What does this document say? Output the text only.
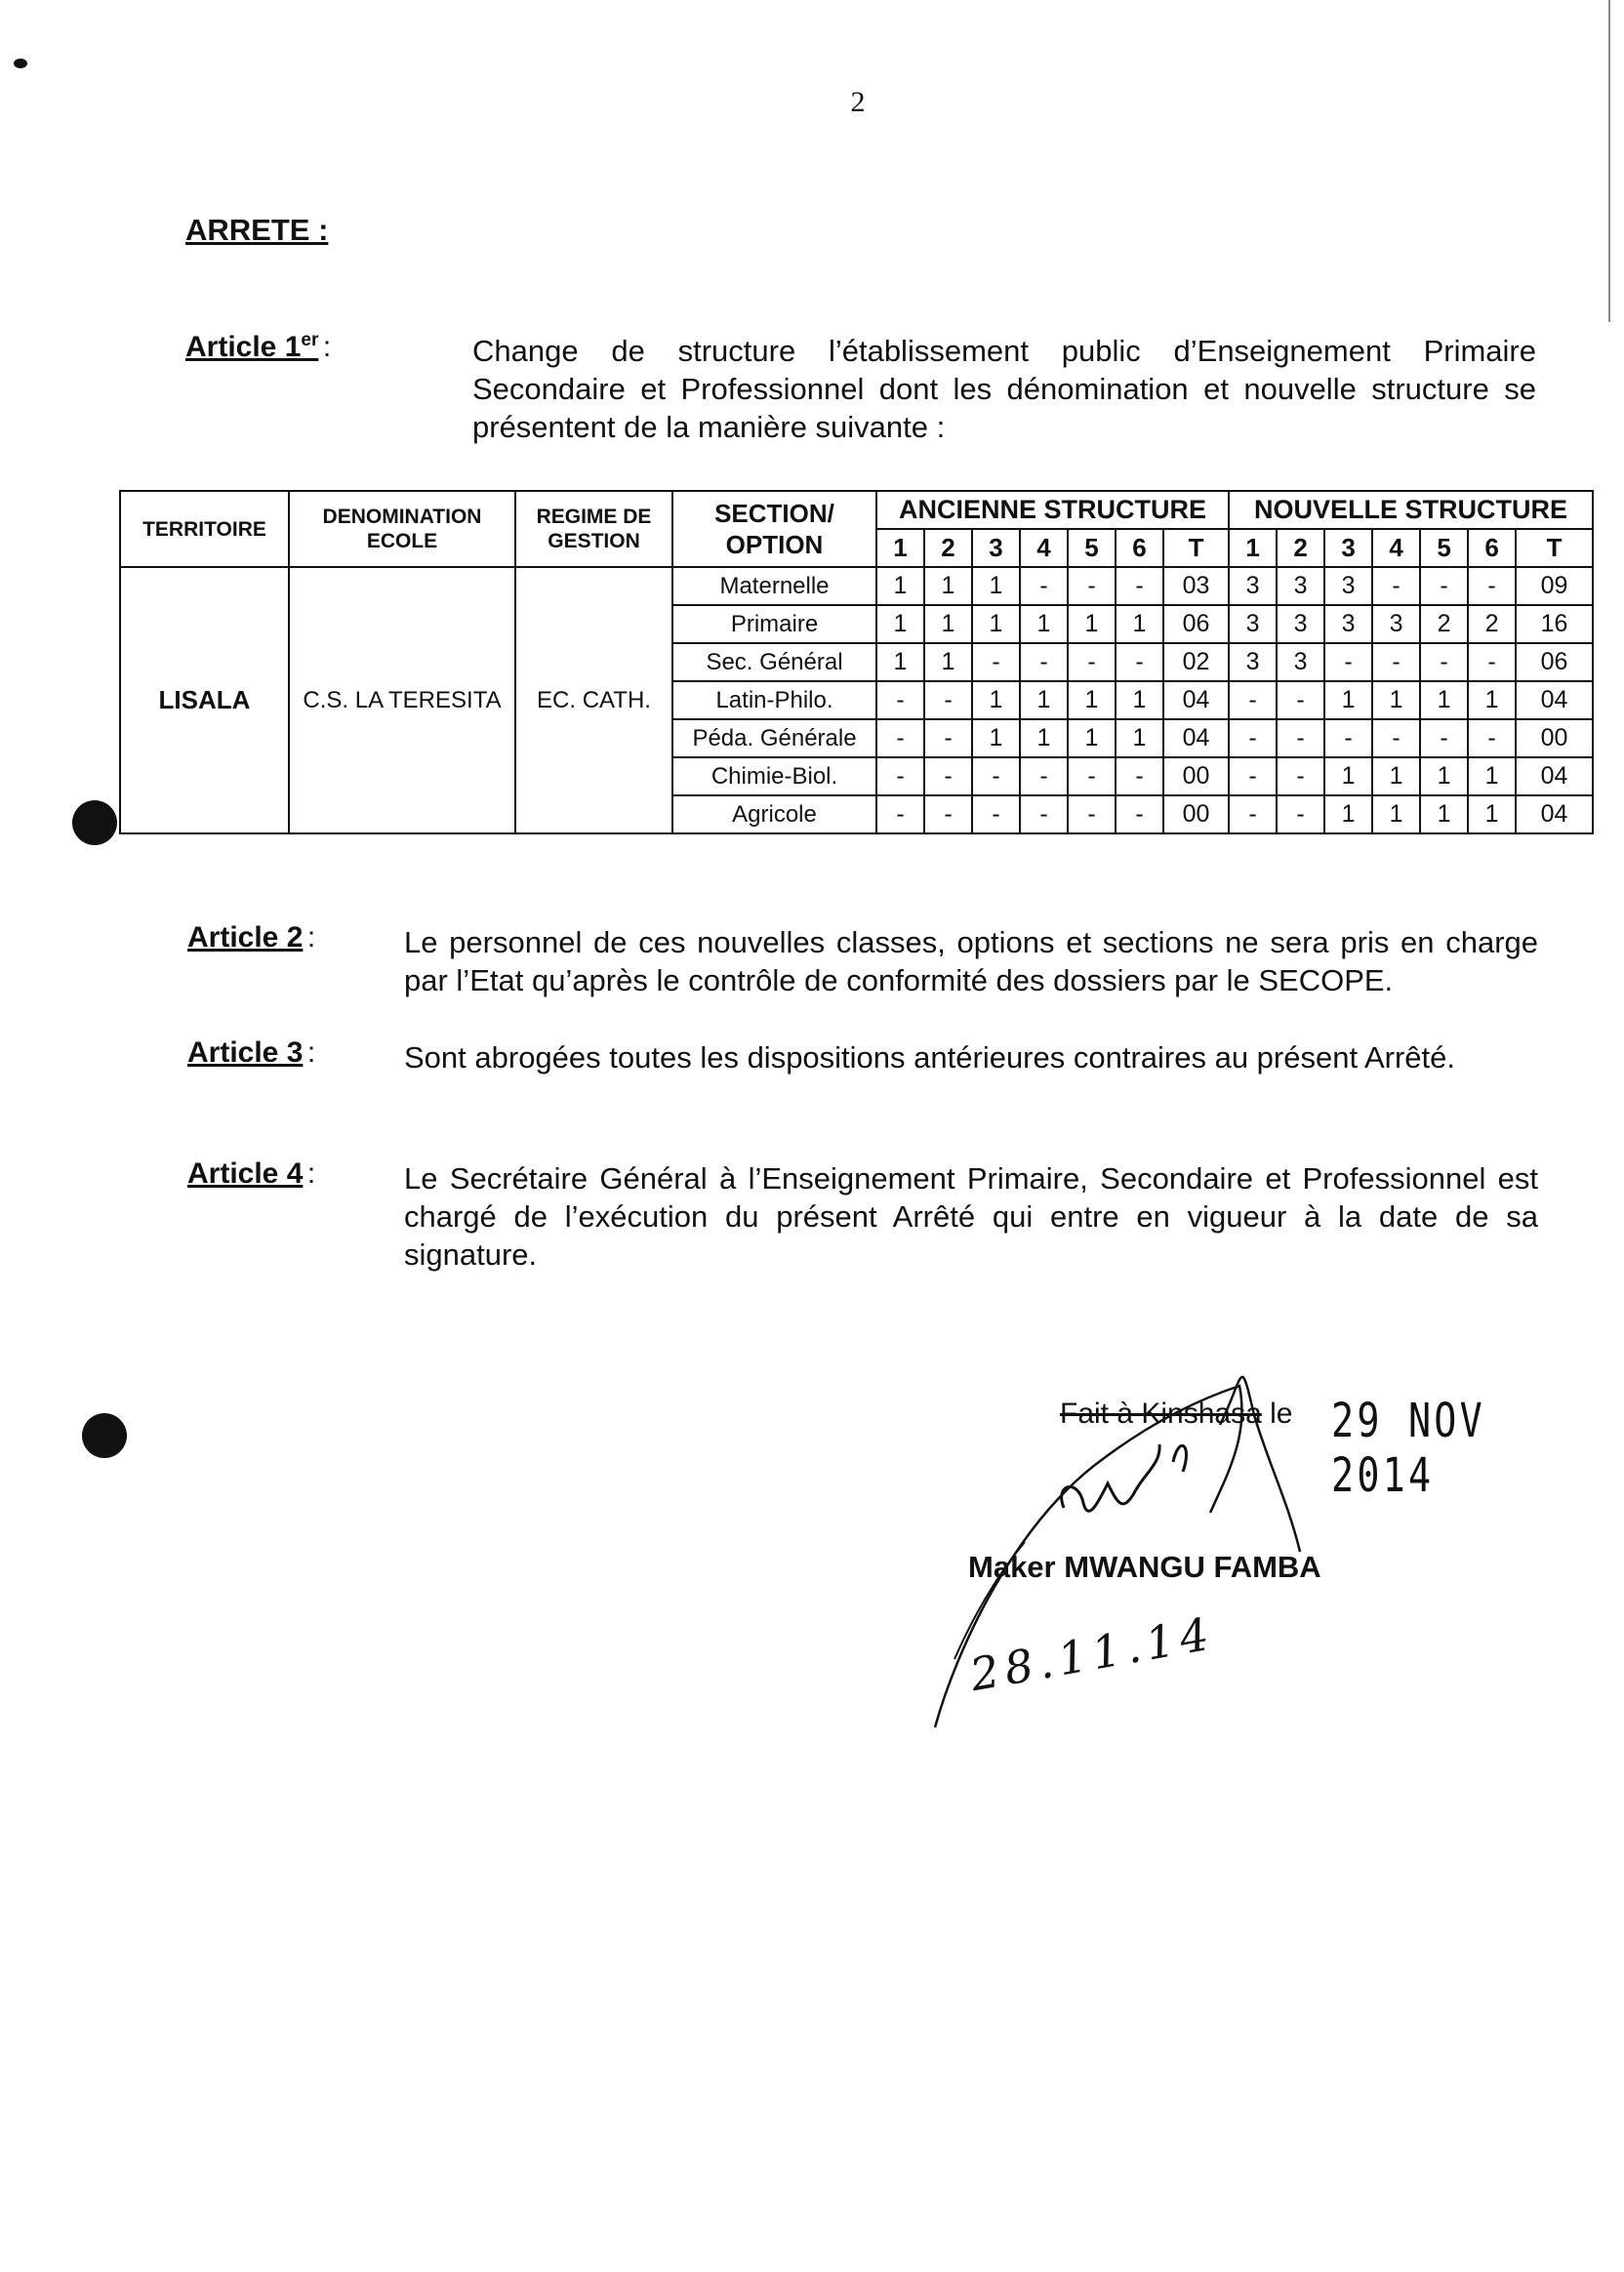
2
ARRETE :
Article 1er :	Change de structure l’établissement public d’Enseignement Primaire Secondaire et Professionnel dont les dénomination et nouvelle structure se présentent de la manière suivante :
TERRITOIRE	DENOMINATION ECOLE	REGIME DE GESTION	SECTION/ OPTION	ANCIENNE STRUCTURE							NOUVELLE STRUCTURE						
				1	2	3	4	5	6	T	1	2	3	4	5	6	T
LISALA	C.S. LA TERESITA	EC. CATH.	Maternelle	1	1	1	-	-	-	03	3	3	3	-	-	-	09
			Primaire	1	1	1	1	1	1	06	3	3	3	3	2	2	16
			Sec. Général	1	1	-	-	-	-	02	3	3	-	-	-	-	06
			Latin-Philo.	-	-	1	1	1	1	04	-	-	1	1	1	1	04
			Péda. Générale	-	-	1	1	1	1	04	-	-	-	-	-	-	00
			Chimie-Biol.	-	-	-	-	-	-	00	-	-	1	1	1	1	04
			Agricole	-	-	-	-	-	-	00	-	-	1	1	1	1	04
Article 2 :	Le personnel de ces nouvelles classes, options et sections ne sera pris en charge par l’Etat qu’après le contrôle de conformité des dossiers par le SECOPE.
Article 3 :	Sont abrogées toutes les dispositions antérieures contraires au présent Arrêté.
Article 4 :	Le Secrétaire Général à l’Enseignement Primaire, Secondaire et Professionnel est chargé de l’exécution du présent Arrêté qui entre en vigueur à la date de sa signature.
Fait à Kinshasa le 29 NOV 2014
Maker MWANGU FAMBA
28.11.14
